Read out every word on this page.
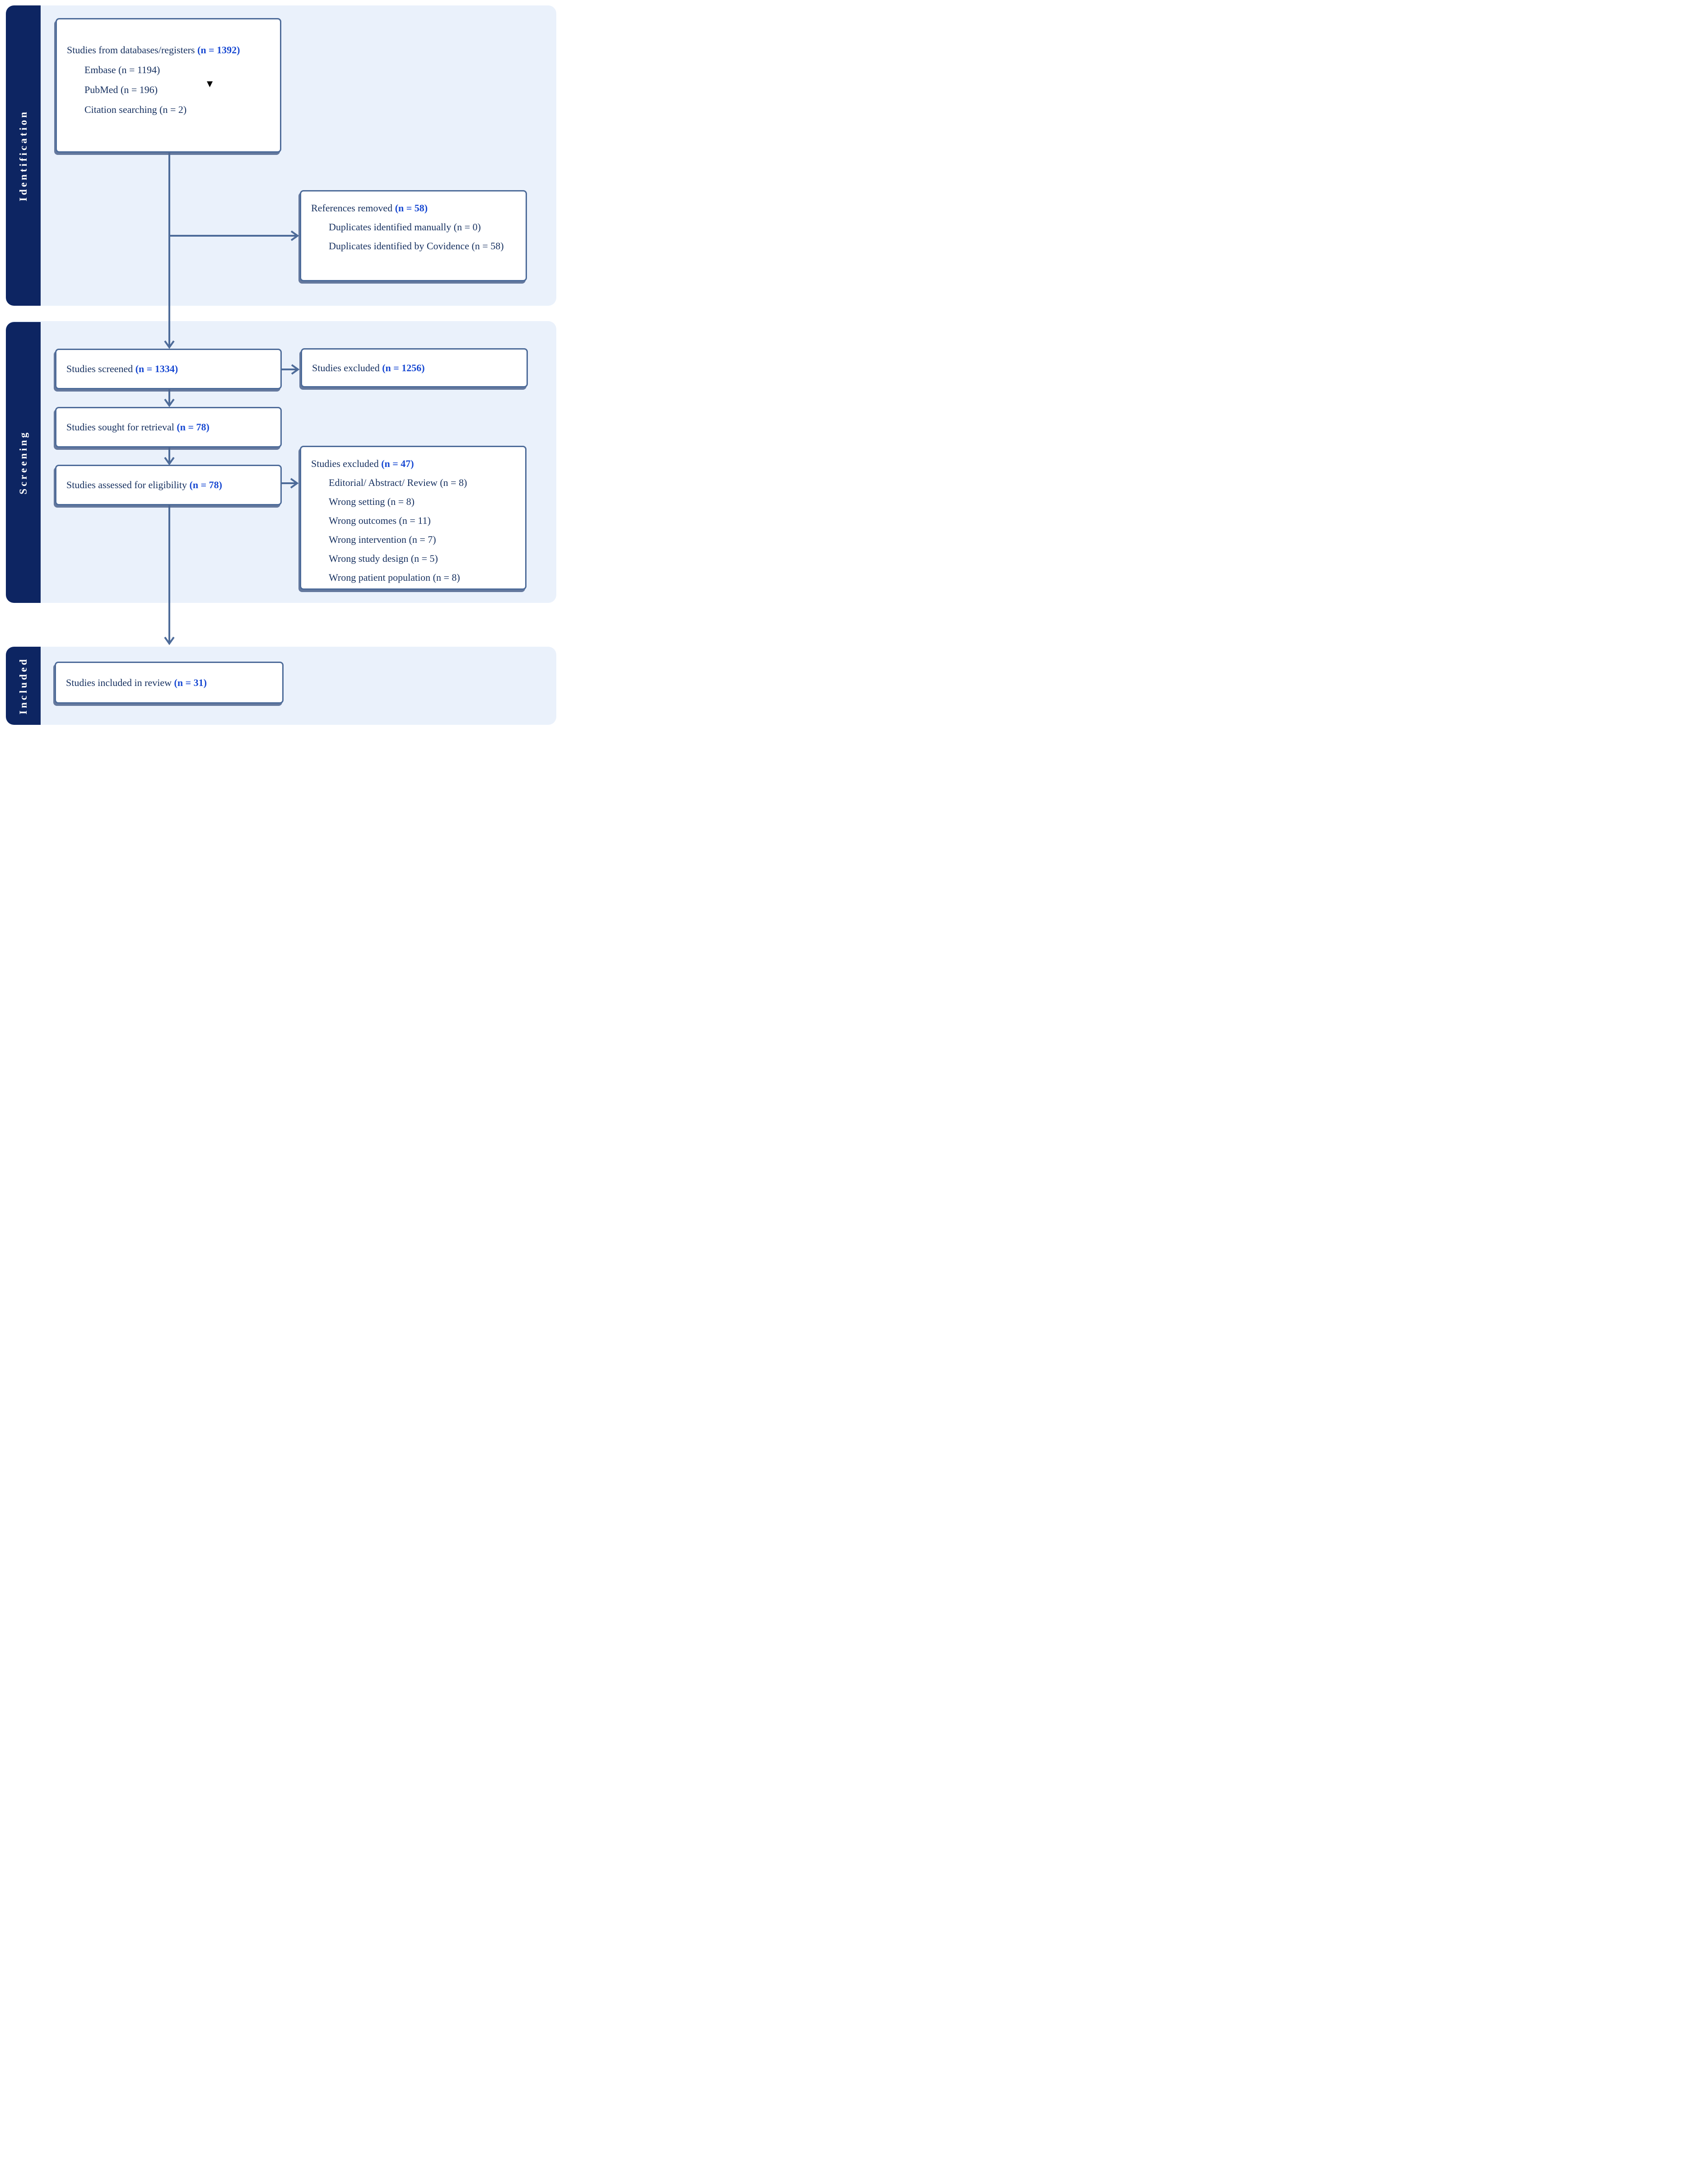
Identification
Screening
Included
▼
Studies from databases/registers (n = 1392)
Embase (n = 1194)
PubMed (n = 196)
Citation searching (n = 2)
References removed (n = 58)
Duplicates identified manually (n = 0)
Duplicates identified by Covidence (n = 58)
Studies screened (n = 1334)	Studies excluded (n = 1256)
Studies sought for retrieval (n = 78)
Studies assessed for eligibility (n = 78)
Studies excluded (n = 47)
Editorial/ Abstract/ Review (n = 8)
Wrong setting (n = 8)
Wrong outcomes (n = 11)
Wrong intervention (n = 7)
Wrong study design (n = 5)
Wrong patient population (n = 8)
Studies included in review (n = 31)
